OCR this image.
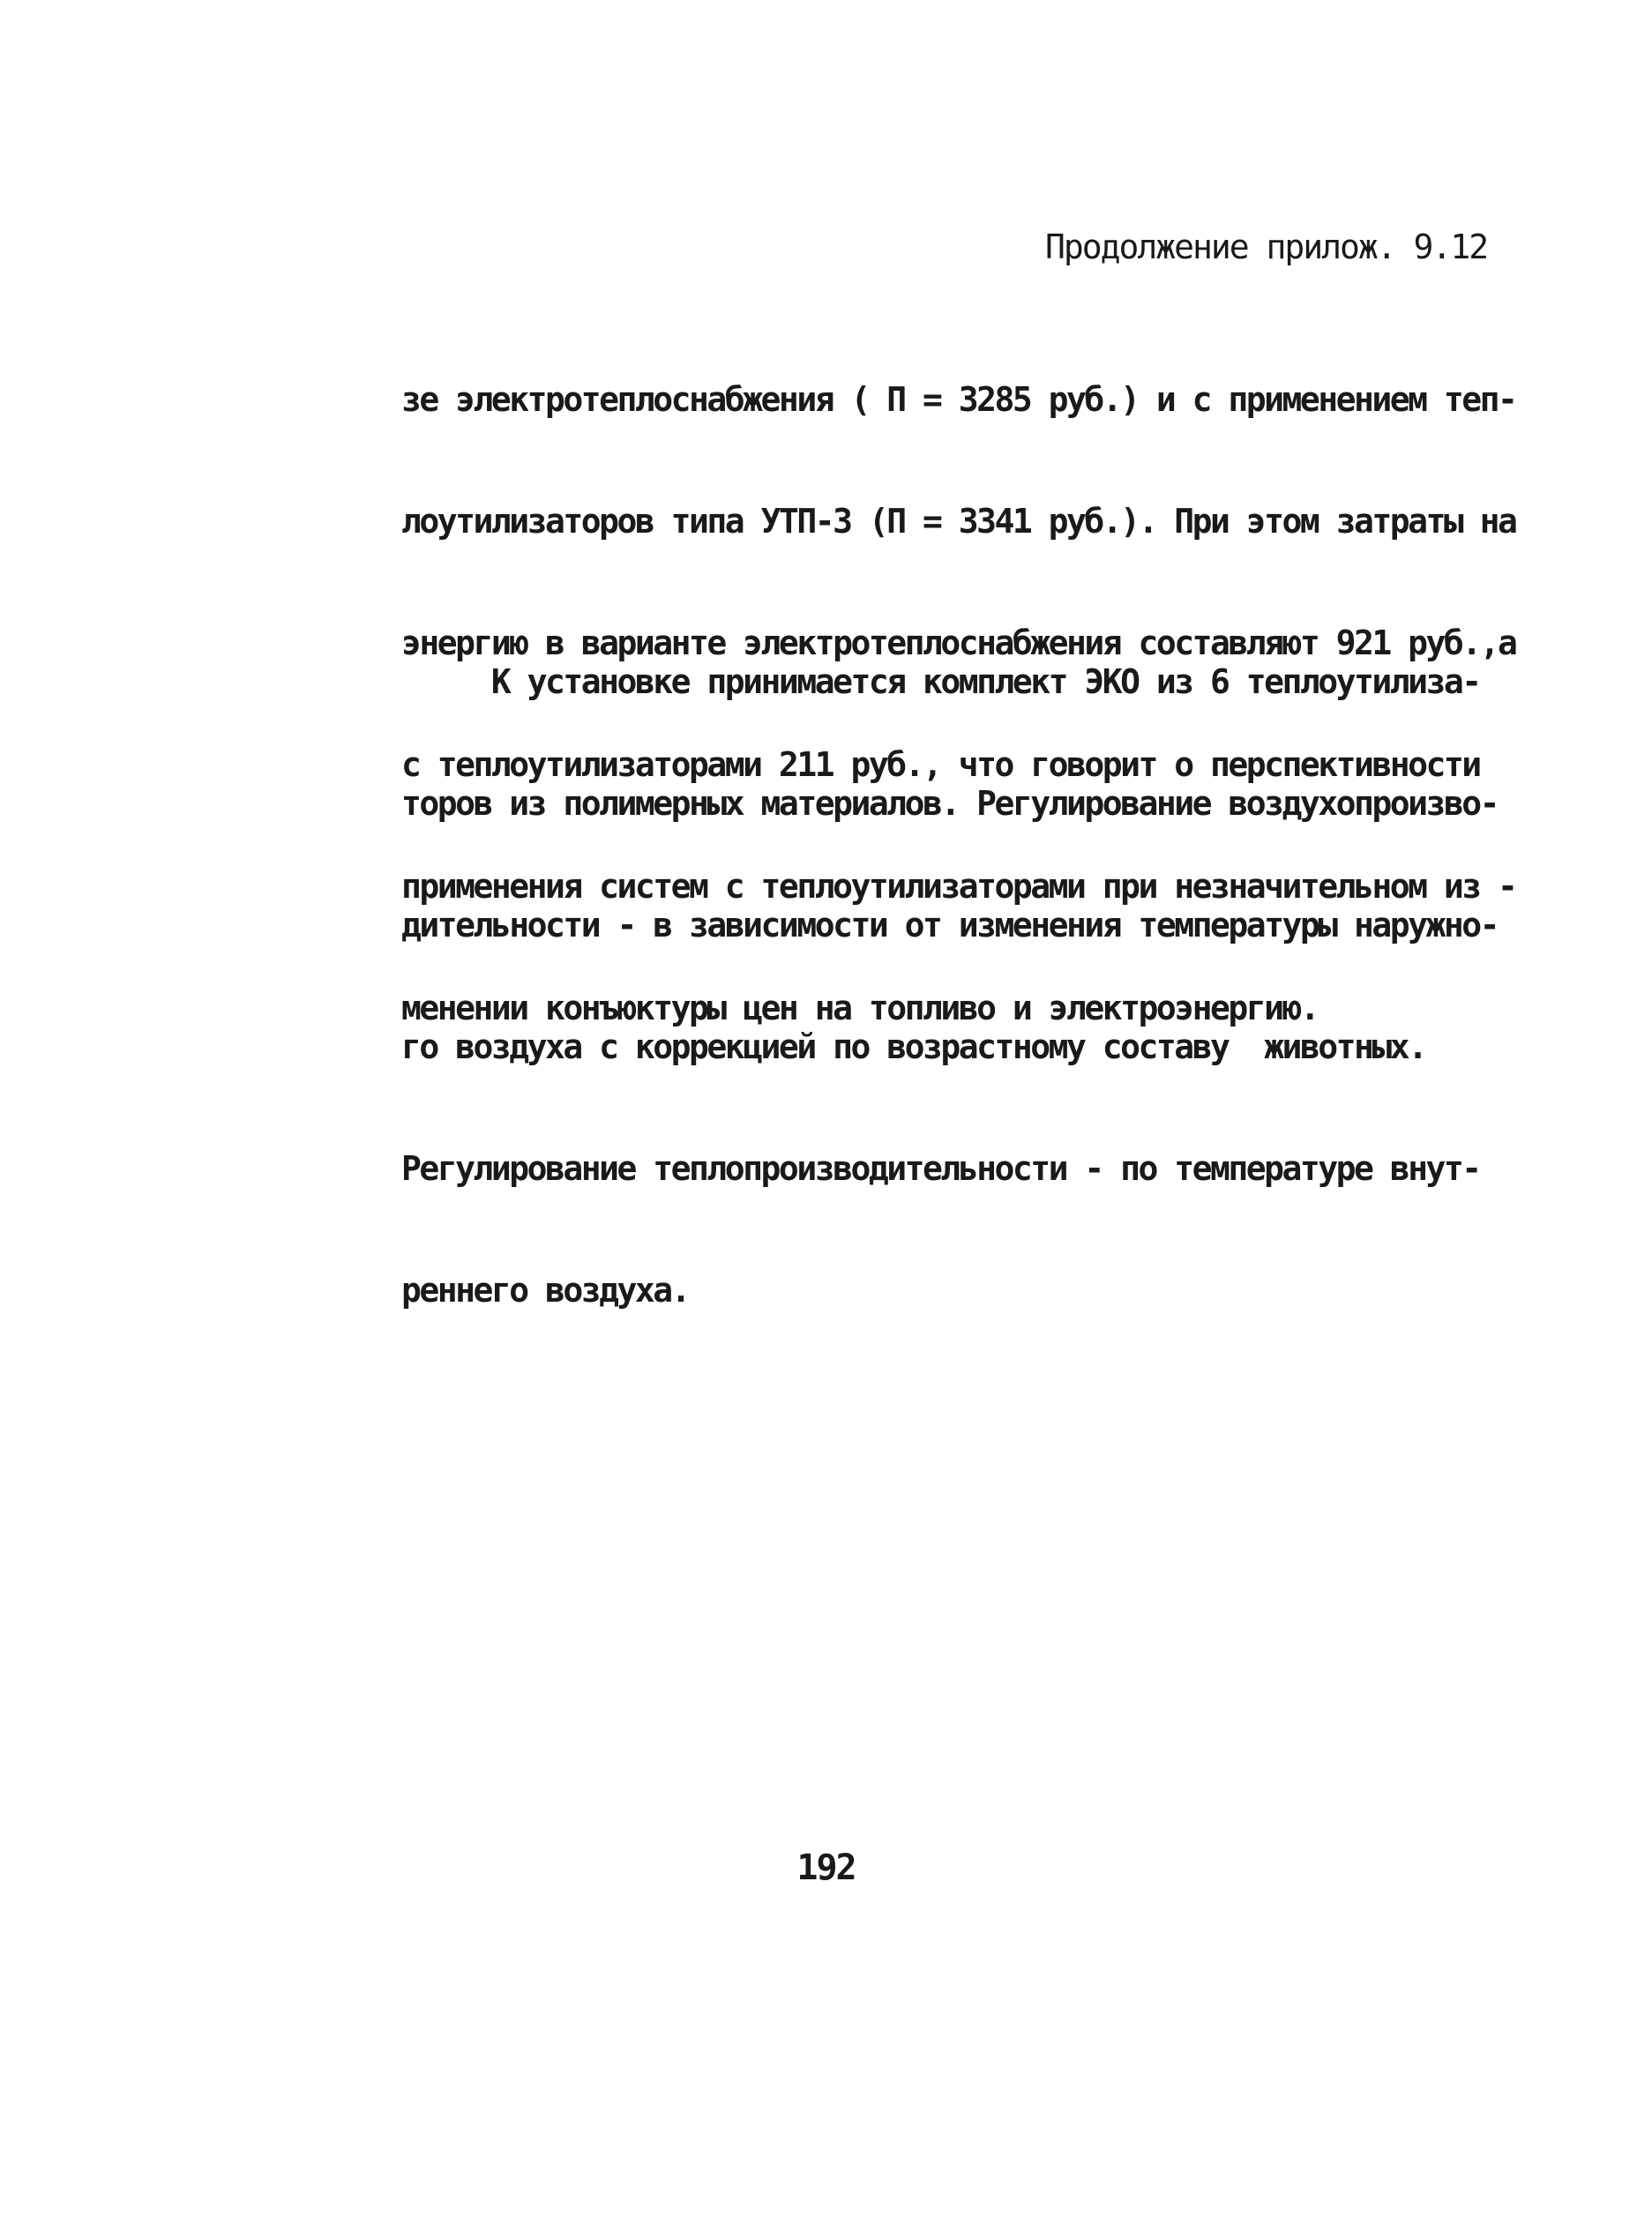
Продолжение прилож. 9.12

зе электротеплоснабжения ( П = 3285 руб.) и с применением теп-

лоутилизаторов типа УТП-3 (П = 3341 руб.). При этом затраты на

энергию в варианте электротеплоснабжения составляют 921 руб.,а

с теплоутилизаторами 211 руб., что говорит о перспективности

применения систем с теплоутилизаторами при незначительном из -

менении конъюктуры цен на топливо и электроэнергию.

К установке принимается комплект ЭКО из 6 теплоутилиза-

торов из полимерных материалов. Регулирование воздухопроизво-

дительности - в зависимости от изменения температуры наружно-

го воздуха с коррекцией по возрастному составу  животных.

Регулирование теплопроизводительности - по температуре внут-

реннего воздуха.

192
